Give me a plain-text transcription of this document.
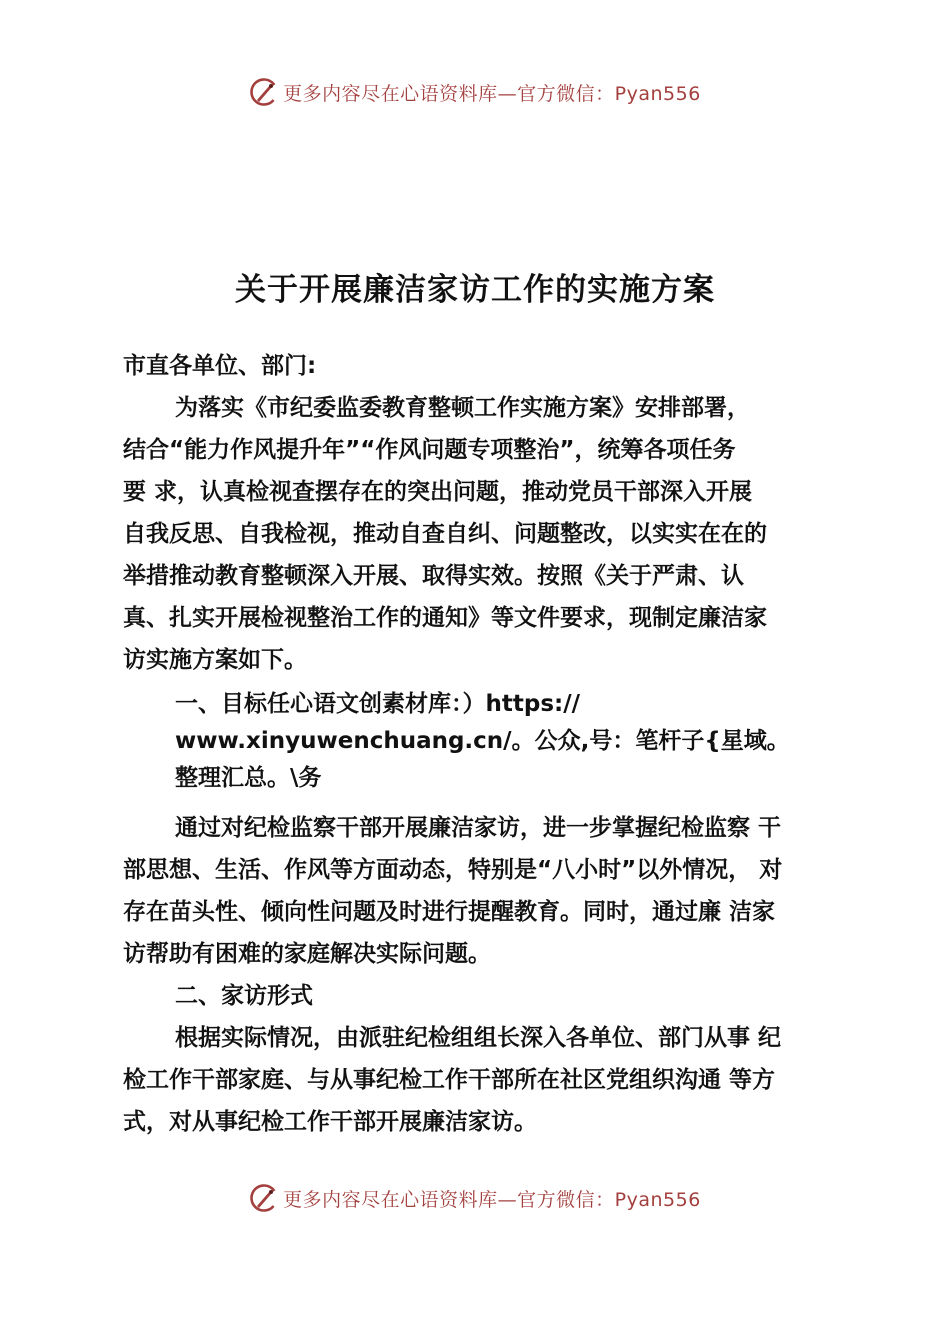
更多内容尽在心语资料库—官方微信：Pyan556
关于开展廉洁家访工作的实施方案

市直各单位、部门:

为落实《市纪委监委教育整顿工作实施方案》安排部署，

结合“能力作风提升年”“作风问题专项整治”，统筹各项任务

要 求，认真检视查摆存在的突出问题，推动党员干部深入开展

自我反思、自我检视，推动自查自纠、问题整改，以实实在在的

举措推动教育整顿深入开展、取得实效。按照《关于严肃、认

真、扎实开展检视整治工作的通知》等文件要求，现制定廉洁家

访实施方案如下。

一、目标任心语文创素材库：）https://

www.xinyuwenchuang.cn/。公众,号：笔杆子{星域。

整理汇总。\务

通过对纪检监察干部开展廉洁家访，进一步掌握纪检监察 干

部思想、生活、作风等方面动态，特别是“八小时”以外情况， 对

存在苗头性、倾向性问题及时进行提醒教育。同时，通过廉 洁家

访帮助有困难的家庭解决实际问题。

二、家访形式

根据实际情况，由派驻纪检组组长深入各单位、部门从事 纪

检工作干部家庭、与从事纪检工作干部所在社区党组织沟通 等方

式，对从事纪检工作干部开展廉洁家访。

更多内容尽在心语资料库—官方微信：Pyan556
